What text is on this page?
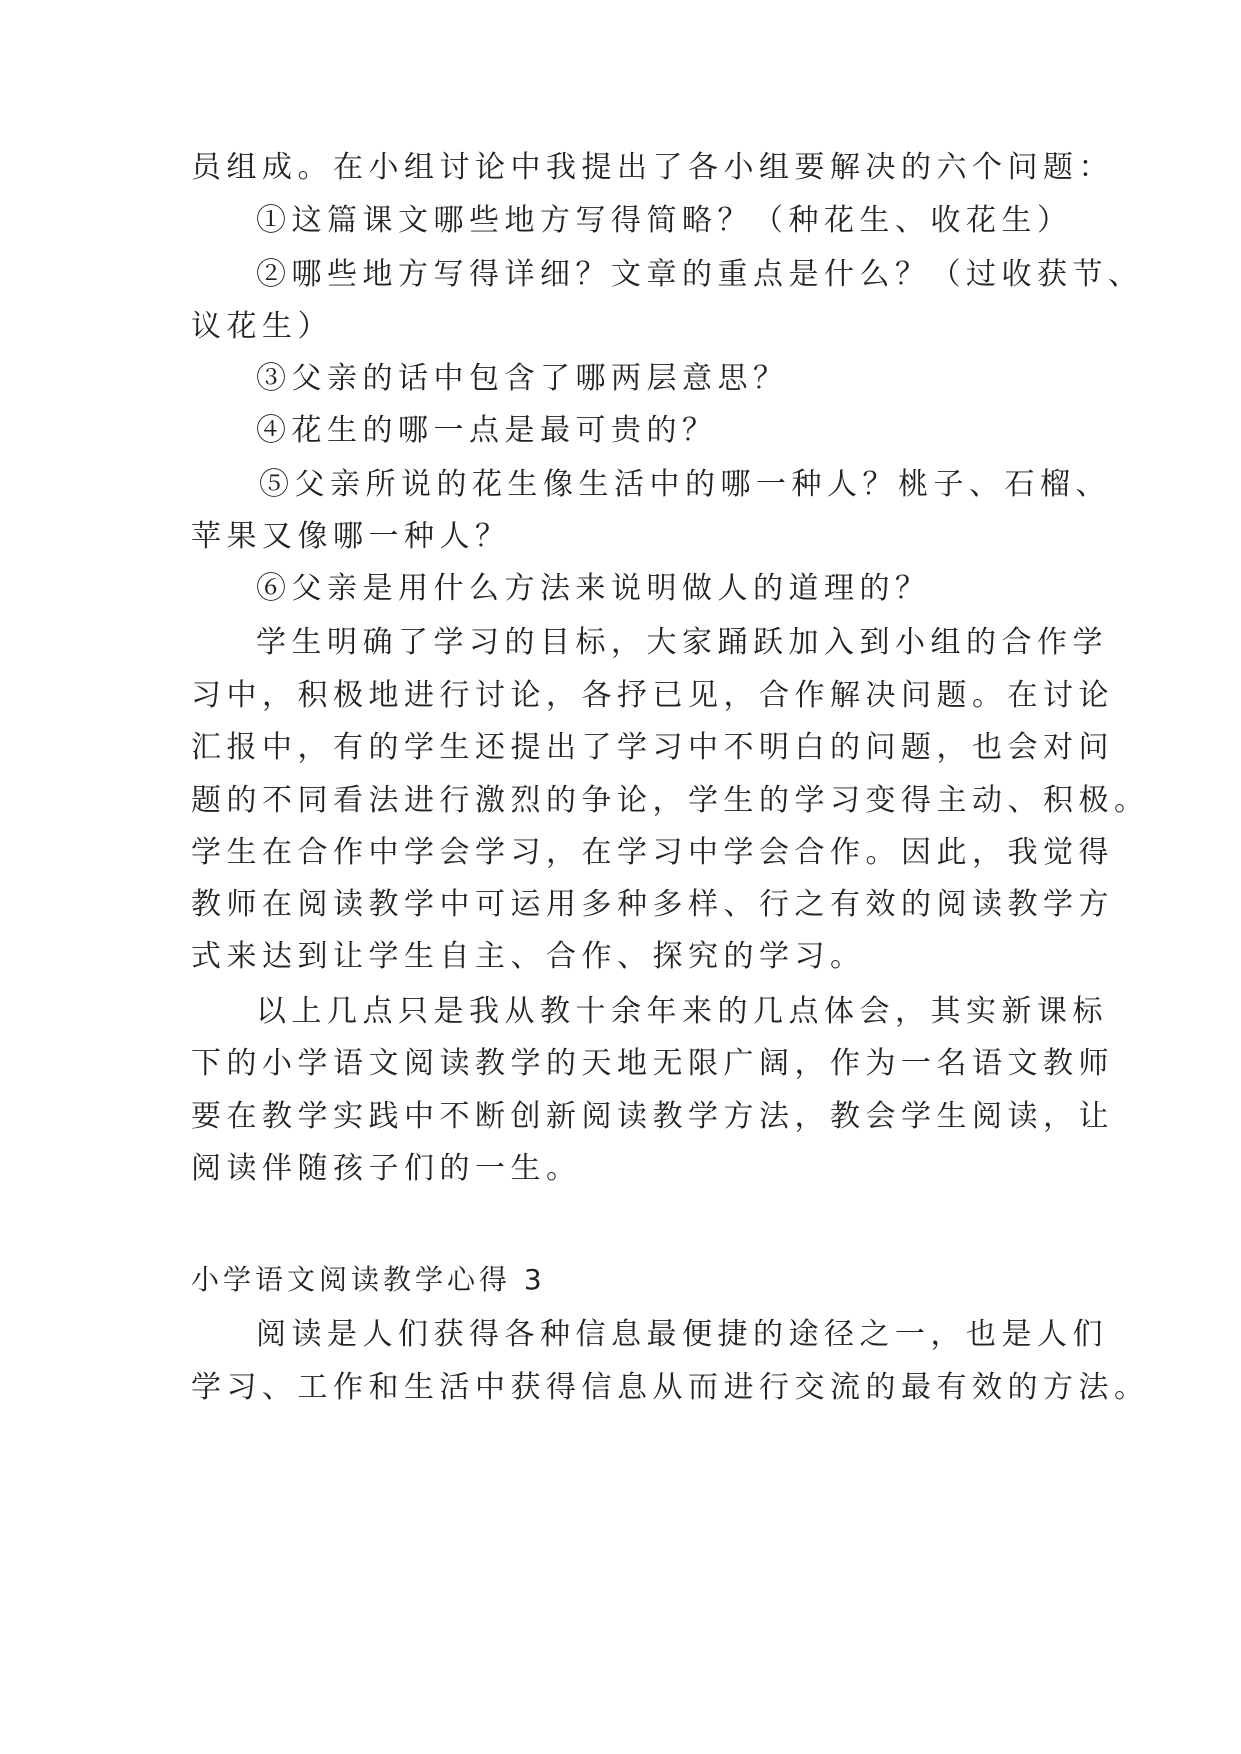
员组成。在小组讨论中我提出了各小组要解决的六个问题：
①这篇课文哪些地方写得简略？（种花生、收花生）
②哪些地方写得详细？文章的重点是什么？（过收获节、
议花生）
③父亲的话中包含了哪两层意思？
④花生的哪一点是最可贵的？
⑤父亲所说的花生像生活中的哪一种人？桃子、石榴、
苹果又像哪一种人？
⑥父亲是用什么方法来说明做人的道理的？
学生明确了学习的目标，大家踊跃加入到小组的合作学
习中，积极地进行讨论，各抒已见，合作解决问题。在讨论
汇报中，有的学生还提出了学习中不明白的问题，也会对问
题的不同看法进行激烈的争论，学生的学习变得主动、积极。
学生在合作中学会学习，在学习中学会合作。因此，我觉得
教师在阅读教学中可运用多种多样、行之有效的阅读教学方
式来达到让学生自主、合作、探究的学习。
以上几点只是我从教十余年来的几点体会，其实新课标
下的小学语文阅读教学的天地无限广阔，作为一名语文教师
要在教学实践中不断创新阅读教学方法，教会学生阅读，让
阅读伴随孩子们的一生。
小学语文阅读教学心得 3
阅读是人们获得各种信息最便捷的途径之一，也是人们
学习、工作和生活中获得信息从而进行交流的最有效的方法。
